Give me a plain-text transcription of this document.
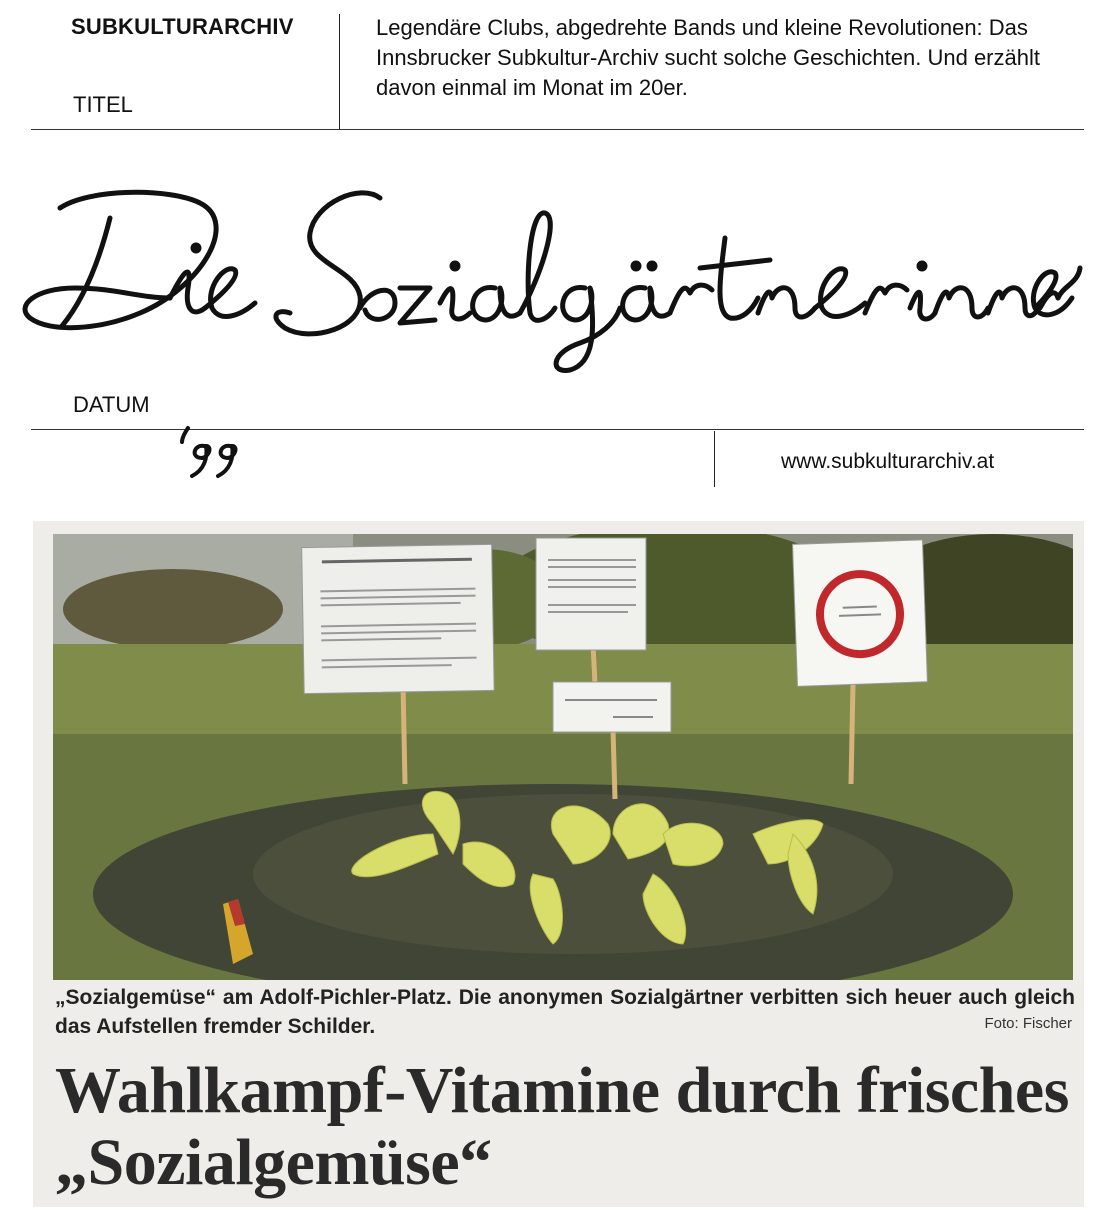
SUBKULTURARCHIV
TITEL
Legendäre Clubs, abgedrehte Bands und kleine Revolutionen: Das Innsbrucker Subkultur-Archiv sucht solche Geschichten. Und erzählt davon einmal im Monat im 20er.
DATUM
www.subkulturarchiv.at
„Sozialgemüse“ am Adolf-Pichler-Platz. Die anonymen Sozialgärtner verbitten sich heuer auch gleich das Aufstellen fremder Schilder.	Foto: Fischer
Wahlkampf-Vitamine durch frisches „Sozialgemüse“
